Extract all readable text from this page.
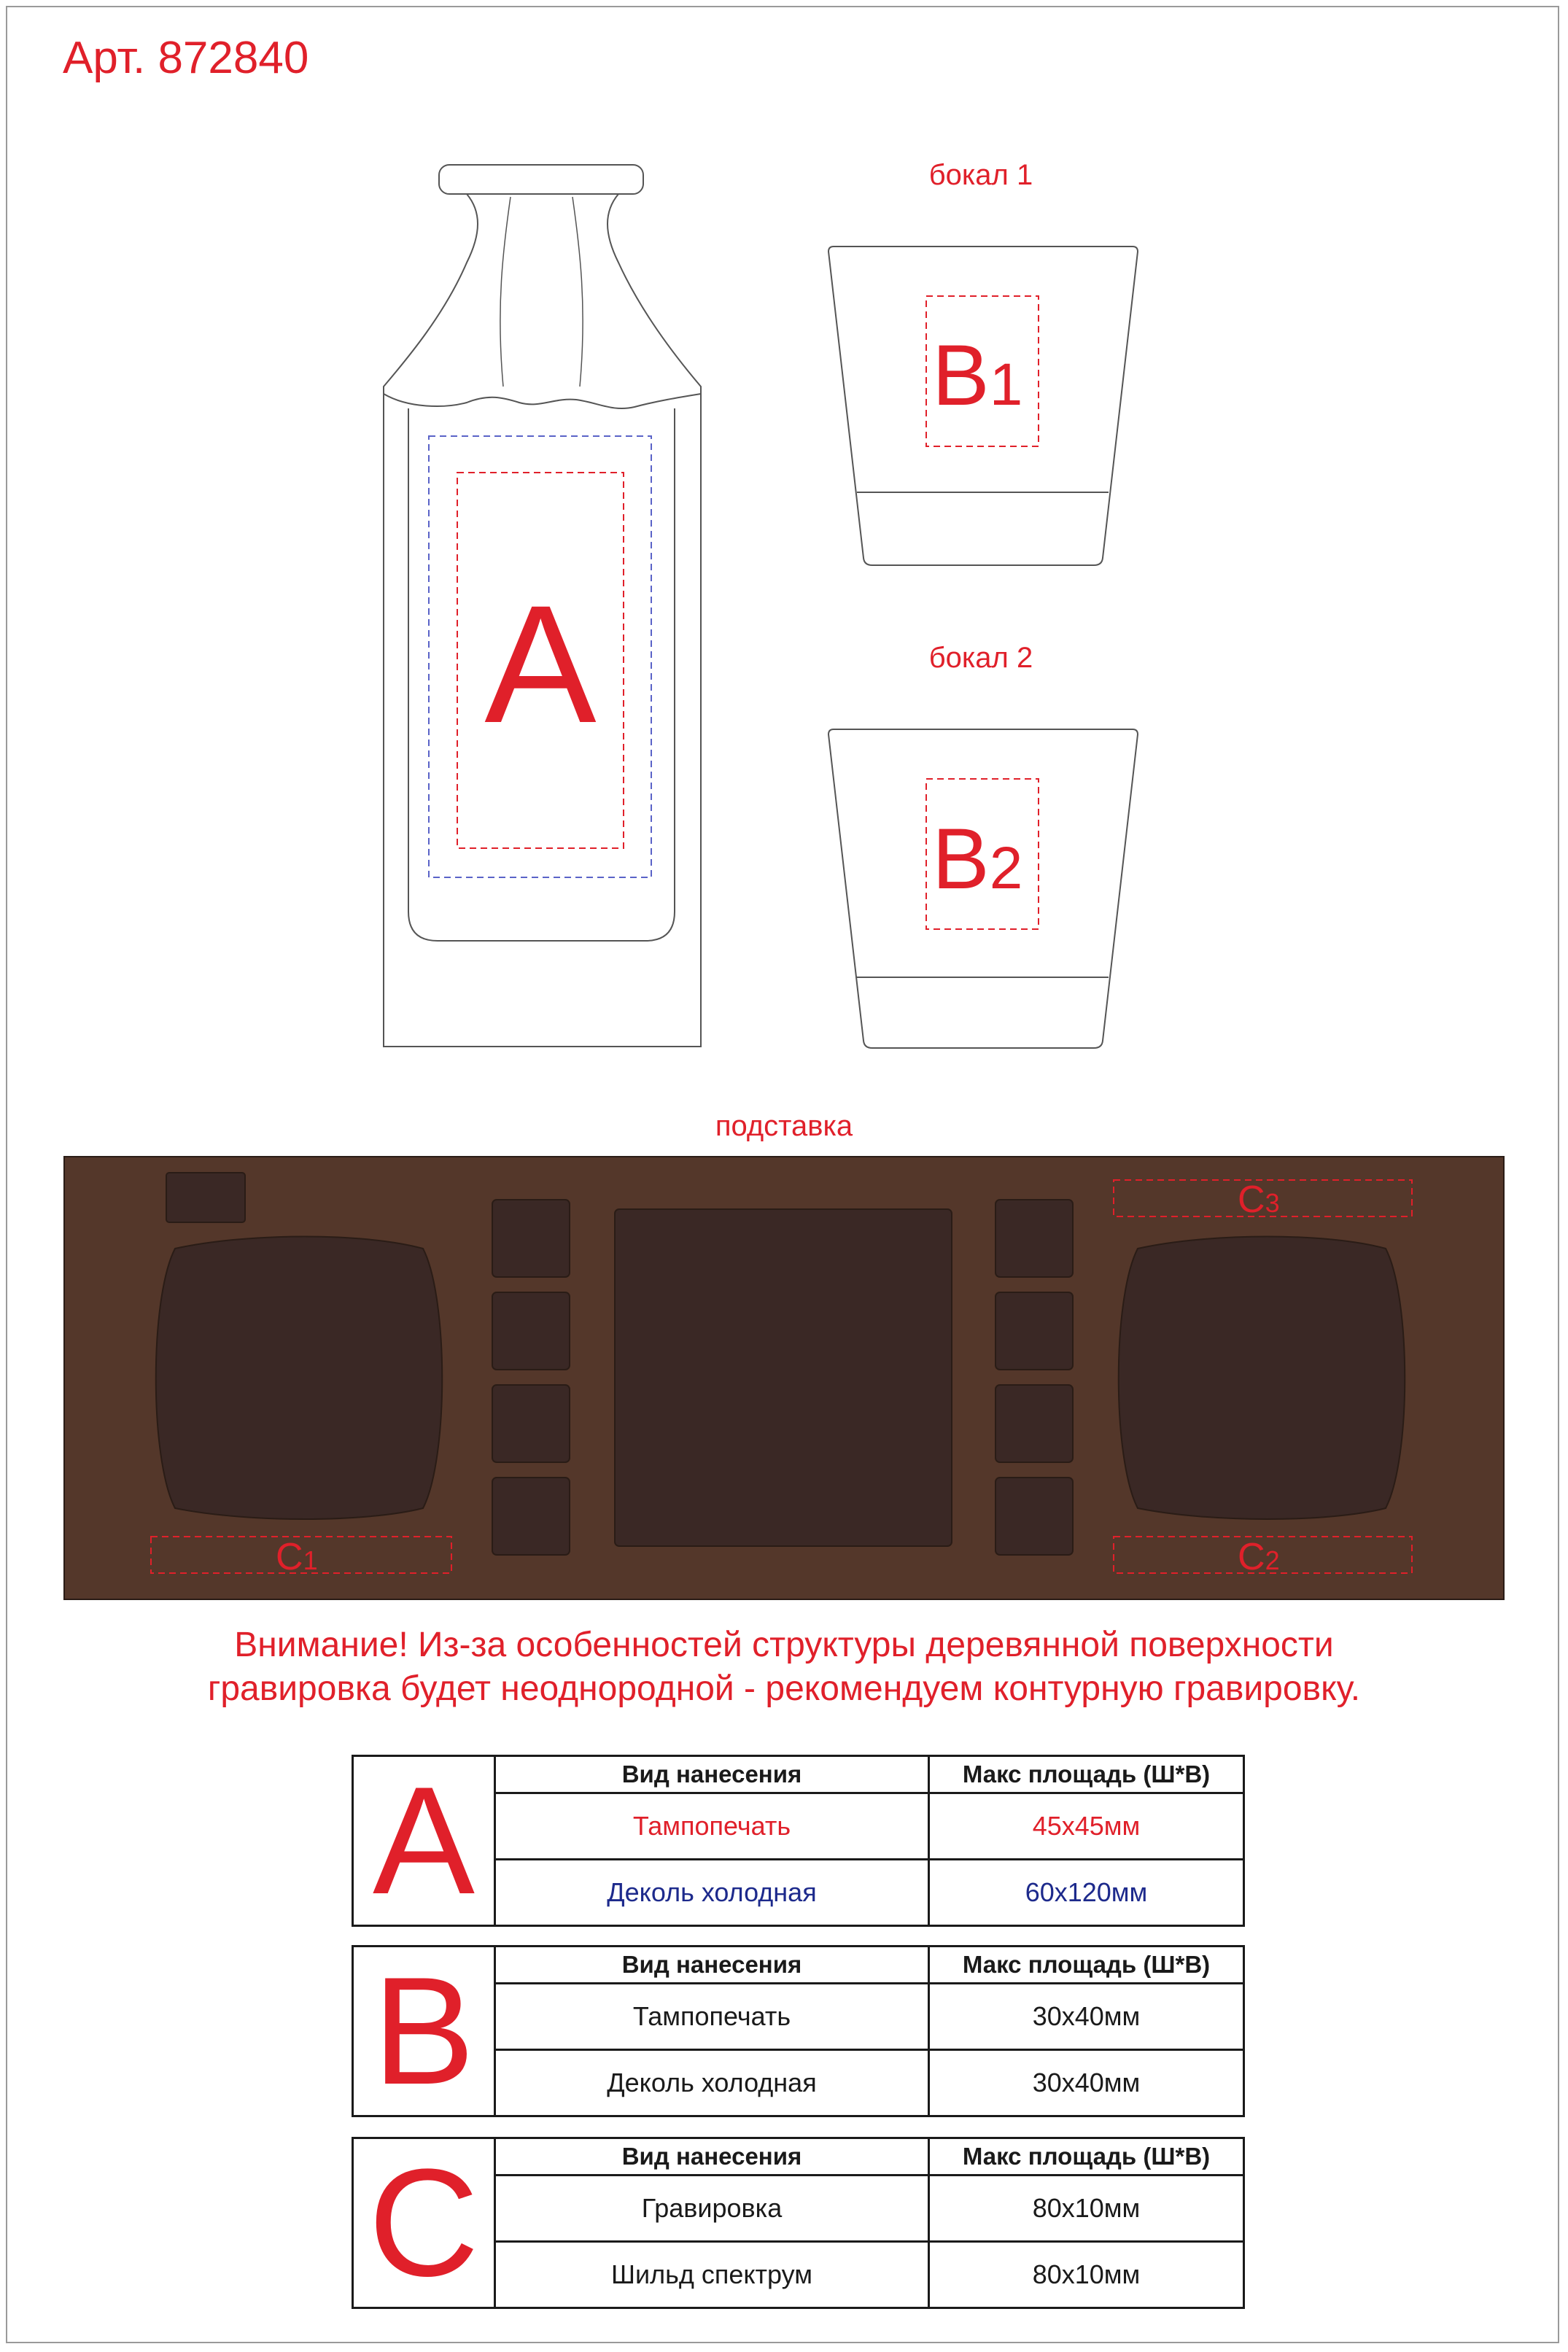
Арт. 872840
бокал 1
бокал 2
подставка
A
B1
B2
C1	C2
C3
Внимание! Из-за особенностей структуры деревянной поверхности
гравировка будет неоднородной - рекомендуем контурную гравировку.
A	Вид нанесения	Макс площадь (Ш*В)
Тампопечать	45x45мм
Деколь холодная	60x120мм
B	Вид нанесения	Макс площадь (Ш*В)
Тампопечать	30x40мм
Деколь холодная	30x40мм
C	Вид нанесения	Макс площадь (Ш*В)
Гравировка	80x10мм
Шильд спектрум	80x10мм
